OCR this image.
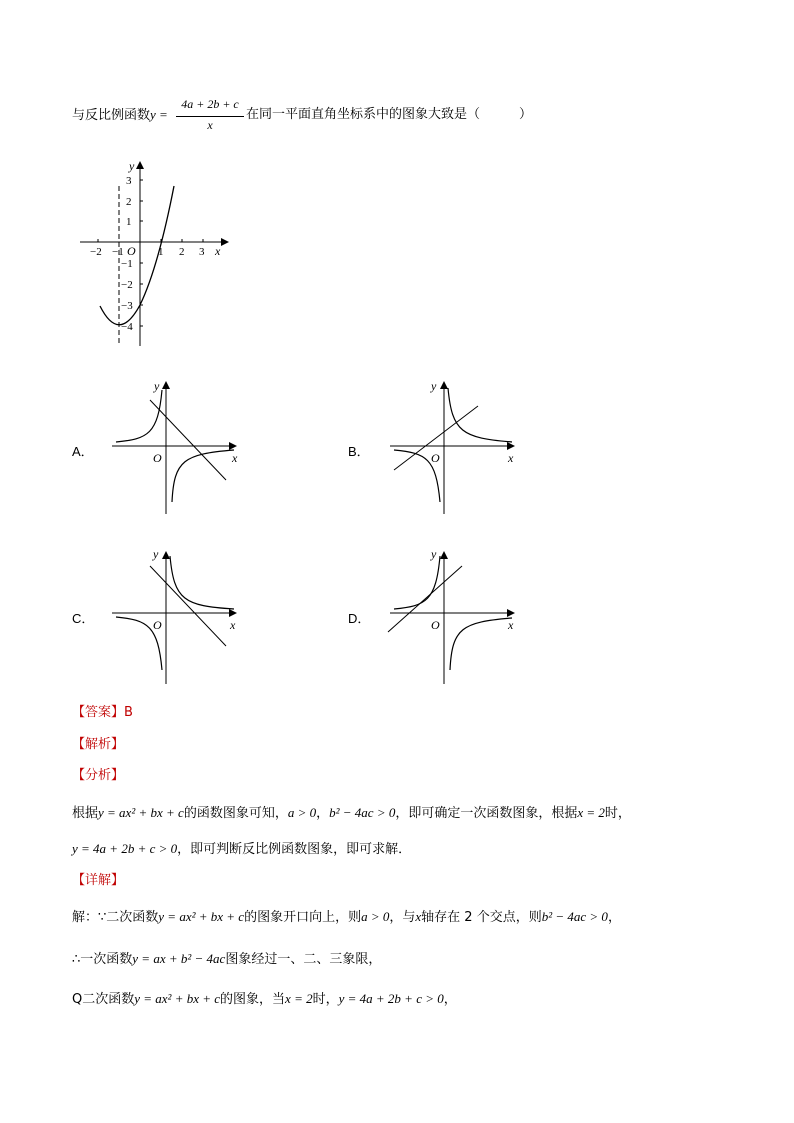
与反比例函数y =
4a + 2b + c
x
在同一平面直角坐标系中的图象大致是（　　　）
y
x
O
−2 −1	1 2 3
3
2
1
−1
−2
−3
−4
A．
y
x
O	B．
y
x
O
C．
y
x
O	D．
y
x
O
【答案】B
【解析】
【分析】
根据y = ax² + bx + c的函数图象可知，a > 0，b² − 4ac > 0，即可确定一次函数图象，根据x = 2时，
y = 4a + 2b + c > 0，即可判断反比例函数图象，即可求解．
【详解】
解：∵二次函数y = ax² + bx + c的图象开口向上，则a > 0，与x轴存在 2 个交点，则b² − 4ac > 0，
∴一次函数y = ax + b² − 4ac图象经过一、二、三象限，
Q二次函数y = ax² + bx + c的图象，当x = 2时，y = 4a + 2b + c > 0，
